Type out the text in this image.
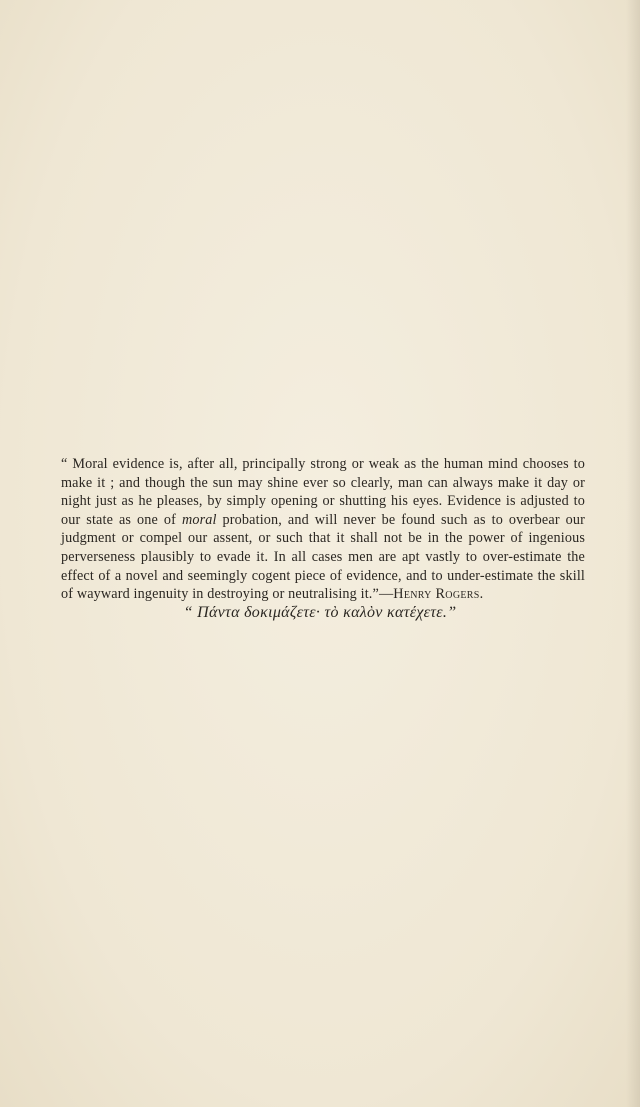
“ Moral evidence is, after all, principally strong or weak as the human mind chooses to make it ; and though the sun may shine ever so clearly, man can always make it day or night just as he pleases, by simply opening or shutting his eyes. Evidence is adjusted to our state as one of moral probation, and will never be found such as to overbear our judgment or compel our assent, or such that it shall not be in the power of ingenious perverseness plausibly to evade it. In all cases men are apt vastly to over-estimate the effect of a novel and seemingly cogent piece of evidence, and to under-estimate the skill of wayward ingenuity in destroying or neutralising it.”—Henry Rogers.

“ Πάντα δοκιμάζετε· τὸ καλὸν κατέχετε.”
